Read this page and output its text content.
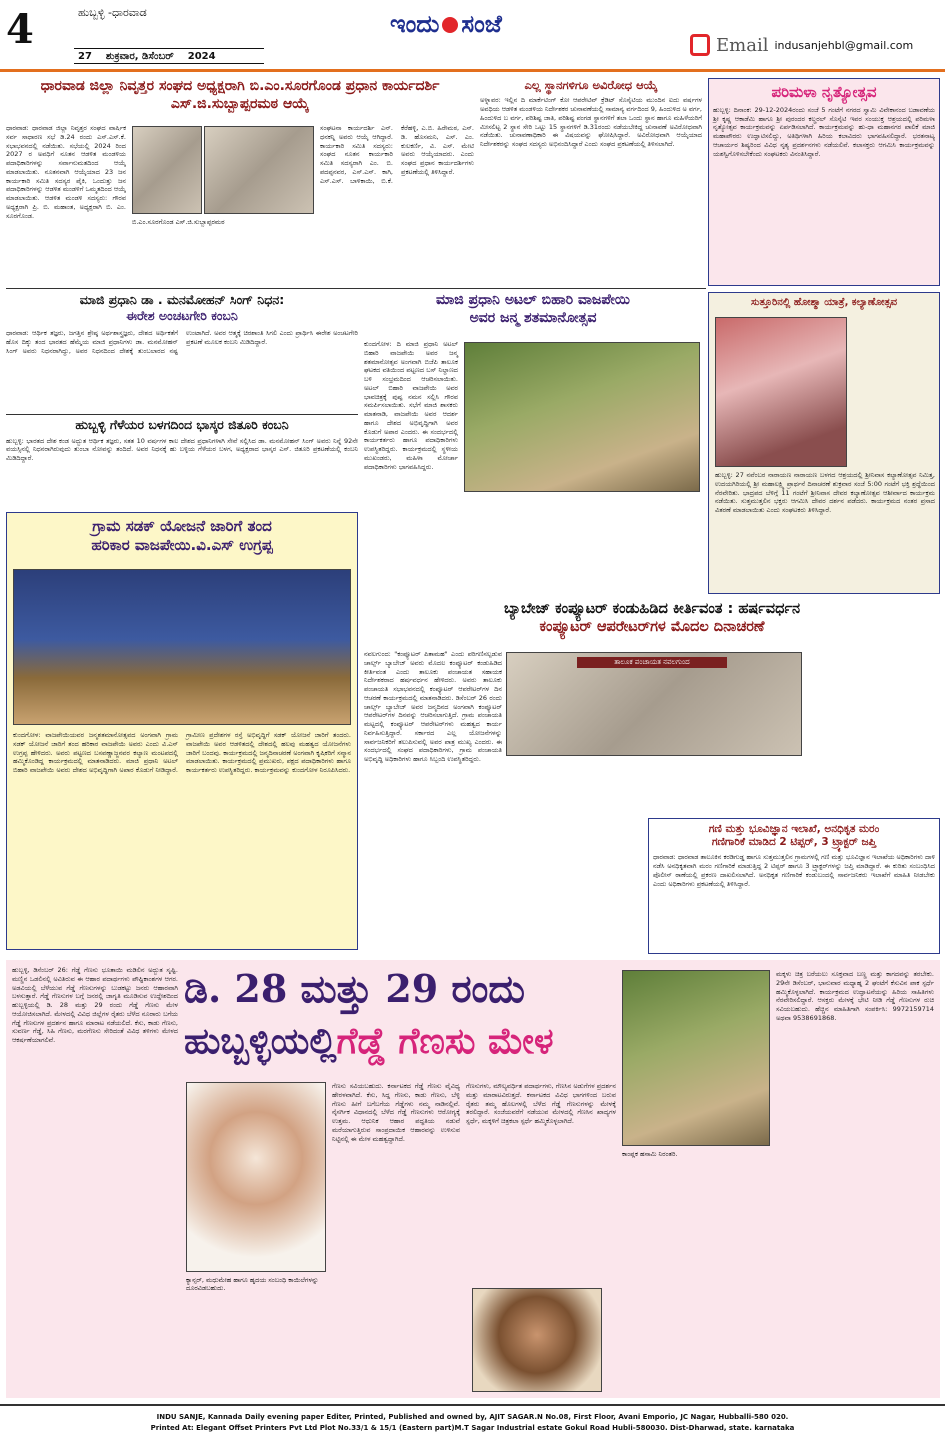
4	ಹುಬ್ಬಳ್ಳಿ -ಧಾರವಾಡ
27 ಶುಕ್ರವಾರ, ಡಿಸೆಂಬರ್ 2024
ಇಂದು ಸಂಜೆ
Email indusanjehbl@gmail.com
ಧಾರವಾಡ ಜಿಲ್ಲಾ ನಿವೃತ್ತರ ಸಂಘದ ಅಧ್ಯಕ್ಷರಾಗಿ ಬಿ.ಎಂ.ಸೂರಗೊಂಡ ಪ್ರಧಾನ ಕಾರ್ಯದರ್ಶಿ ಎಸ್.ಜಿ.ಸುಬ್ಬಾಪ್ಪರಮಠ ಆಯ್ಕೆ
ಧಾರವಾಡ: ಧಾರವಾಡ ಜಿಲ್ಲಾ ನಿವೃತ್ತರ ಸಂಘದ ವಾರ್ಷಿಕ ಸರ್ವ ಸಾಧಾರಣ ಸಭೆ ಡಿ.24 ರಂದು ಎಸ್.ಎಸ್.ಕೆ. ಸಭಾಭವನದಲ್ಲಿ ನಡೆಯಿತು. ಸಭೆಯಲ್ಲಿ 2024 ರಿಂದ 2027 ರ ಅವಧಿಗೆ ನೂತನ ಆಡಳಿತ ಮಂಡಳಿಯ ಪದಾಧಿಕಾರಿಗಳನ್ನು ಸರ್ವಾನುಮತದಿಂದ ಆಯ್ಕೆ ಮಾಡಲಾಯಿತು. ನೂತನವಾಗಿ ಆಯ್ಕೆಯಾದ 23 ಜನ ಕಾರ್ಯಕಾರಿ ಸಮಿತಿ ಸದಸ್ಯರ ಪೈಕಿ, ಒಂದುತ್ತು ಜನ ಪದಾಧಿಕಾರಿಗಳನ್ನು ಆಡಳಿತ ಮಂಡಳಿಗೆ ಒಮ್ಮತದಿಂದ ಆಯ್ಕೆ ಮಾಡಲಾಯಿತು. ಆಡಳಿತ ಮಂಡಳಿ ಸದಸ್ಯರು: ಗೌರವ ಅಧ್ಯಕ್ಷರಾಗಿ ಪ್ರಿ. ಬಿ. ಮಹಾಂತ, ಅಧ್ಯಕ್ಷರಾಗಿ ಬಿ. ಎಂ. ಸೂರಗೊಂಡ.
ಬಿ.ಎಂ.ಸೂರಗೊಂಡ ಎಸ್.ಜಿ.ಸುಬ್ಬಾಪ್ಪರಮಠ
ಸಂಘಟನಾ ಕಾರ್ಯದರ್ಶಿ ಎನ್. ಧನಕನ್ನಿ ಅವರು ಆಯ್ಕೆ ಆಗಿದ್ದಾರೆ. ಕಾರ್ಯಕಾರಿ ಸಮಿತಿ ಸದಸ್ಯರು: ಸಂಘದ ನೂತನ ಕಾರ್ಯಕಾರಿ ಸಮಿತಿ ಸದಸ್ಯರಾಗಿ ಎಂ. ಬಿ. ಪದಪ್ಪನವರ, ಎಸ್.ಎಸ್. ಕಾಗಿ, ಎಸ್.ಎಸ್. ಬಾಳಿಕಾಯಿ, ಬಿ.ಕೆ. ಕೆರೆಹಳ್ಳಿ, ಎ.ಬಿ. ಹಿರೇಮಠ, ಎಸ್. ಡಿ. ಹೊಸಮನಿ, ಎಸ್. ಎಂ. ಕುಲಕರ್ಣಿ, ವಿ. ಎಸ್. ಮೇಟಿ ಅವರು ಆಯ್ಕೆಯಾದರು. ಎಂದು ಸಂಘದ ಪ್ರಧಾನ ಕಾರ್ಯದರ್ಶಿಗಳು ಪ್ರಕಟಣೆಯಲ್ಲಿ ತಿಳಿಸಿದ್ದಾರೆ.
ಎಲ್ಲ ಸ್ಥಾನಗಳಿಗೂ ಅವಿರೋಧ ಆಯ್ಕೆ
ಅಳ್ನಾವರ: ಇಲ್ಲಿನ ದಿ ಮಾರ್ಕೆಟಿಂಗ್ ಕೋ ಆಪರೇಟಿವ್ ಕ್ರೆಡಿಟ್ ಸೊಸೈಟಿಯ ಮುಂದಿನ ಐದು ವರ್ಷಗಳ ಅವಧಿಯ ಆಡಳಿತ ಮಂಡಳಿಯ ನಿರ್ದೇಶಕರ ಚುನಾವಣೆಯಲ್ಲಿ ಸಾಮಾನ್ಯ ವರ್ಗದಿಂದ 9, ಹಿಂದುಳಿದ ಅ ವರ್ಗ, ಹಿಂದುಳಿದ ಬ ವರ್ಗ, ಪರಿಶಿಷ್ಟ ಜಾತಿ, ಪರಿಶಿಷ್ಟ ಪಂಗಡ ಸ್ಥಾನಗಳಿಗೆ ತಲಾ ಒಂದು ಸ್ಥಾನ ಹಾಗೂ ಮಹಿಳೆಯರಿಗೆ ಮೀಸಲಿಟ್ಟ 2 ಸ್ಥಾನ ಸೇರಿ ಒಟ್ಟು 15 ಸ್ಥಾನಗಳಿಗೆ ಡಿ.31ರಂದು ನಡೆಯಬೇಕಿದ್ದ ಚುನಾವಣೆ ಅವಿರೋಧವಾಗಿ ನಡೆಯಿತು. ಚುನಾವಣಾಧಿಕಾರಿ ಈ ವಿಷಯವನ್ನು ಘೋಷಿಸಿದ್ದಾರೆ. ಅವಿರೋಧವಾಗಿ ಆಯ್ಕೆಯಾದ ನಿರ್ದೇಶಕರನ್ನು ಸಂಘದ ಸದಸ್ಯರು ಅಭಿನಂದಿಸಿದ್ದಾರೆ ಎಂದು ಸಂಘದ ಪ್ರಕಟಣೆಯಲ್ಲಿ ತಿಳಿಸಲಾಗಿದೆ.
ಪರಿಮಳಾ ನೃತ್ಯೋತ್ಸವ
ಹುಬ್ಬಳ್ಳಿ: ದಿನಾಂಕ: 29-12-2024ರಂದು ಸಂಜೆ 5 ಗಂಟೆಗೆ ನಗರದ ಸ್ವಾಮಿ ವಿವೇಕಾನಂದ ಬಡಾವಣೆಯ ಶ್ರೀ ಕೃಷ್ಣ ಆಕಾಡೆಮಿ ಹಾಗೂ ಶ್ರೀ ಪುರಂದರ ಕಲ್ಚರಲ್ ಸೊಸೈಟಿ ಇವರ ಸಂಯುಕ್ತ ಆಶ್ರಯದಲ್ಲಿ ಪರಿಮಳಾ ನೃತ್ಯೋತ್ಸವ ಕಾರ್ಯಕ್ರಮವನ್ನು ಏರ್ಪಡಿಸಲಾಗಿದೆ. ಕಾರ್ಯಕ್ರಮವನ್ನು ಹು-ಧಾ ಮಹಾನಗರ ಪಾಲಿಕೆ ಮಾಜಿ ಮಹಾಪೌರರು ಉದ್ಘಾಟಿಸಲಿದ್ದು, ಅತಿಥಿಗಳಾಗಿ ಹಿರಿಯ ಕಲಾವಿದರು ಭಾಗವಹಿಸಲಿದ್ದಾರೆ. ಭರತನಾಟ್ಯ ಆಚಾರ್ಯರ ಶಿಷ್ಯರಿಂದ ವಿವಿಧ ನೃತ್ಯ ಪ್ರದರ್ಶನಗಳು ನಡೆಯಲಿವೆ. ಕಲಾಸಕ್ತರು ಆಗಮಿಸಿ ಕಾರ್ಯಕ್ರಮವನ್ನು ಯಶಸ್ವಿಗೊಳಿಸಬೇಕೆಂದು ಸಂಘಟಕರು ವಿನಂತಿಸಿದ್ದಾರೆ.
ಮಾಜಿ ಪ್ರಧಾನಿ ಡಾ . ಮನಮೋಹನ್ ಸಿಂಗ್ ನಿಧನ:
ಈರೇಶ ಅಂಚಟಗೇರಿ ಕಂಬನಿ
ಧಾರವಾಡ: ಆರ್ಥಿಕ ತಜ್ಞರು, ಜಗತ್ತಿನ ಶ್ರೇಷ್ಠ ಅರ್ಥಶಾಸ್ತ್ರಜ್ಞರು, ದೇಶದ ಅರ್ಥಿಕತೆಗೆ ಹೊಸ ದಿಕ್ಕು ತಂದ ಭಾರತದ ಹೆಮ್ಮೆಯ ಮಾಜಿ ಪ್ರಧಾನಿಗಳು ಡಾ. ಮನಮೋಹನ್ ಸಿಂಗ್ ಅವರು ನಿಧನರಾಗಿದ್ದು, ಅವರ ನಿಧನದಿಂದ ದೇಶಕ್ಕೆ ತುಂಬಲಾರದ ನಷ್ಟ ಉಂಟಾಗಿದೆ. ಅವರ ಆತ್ಮಕ್ಕೆ ಚಿರಶಾಂತಿ ಸಿಗಲಿ ಎಂದು ಪ್ರಾರ್ಥಿಸಿ ಈರೇಶ ಅಂಚಟಗೇರಿ ಪ್ರಕಟಣೆ ಮೂಲಕ ಕಂಬನಿ ಮಿಡಿದಿದ್ದಾರೆ.
ಹುಬ್ಬಳ್ಳಿ ಗೆಳೆಯರ ಬಳಗದಿಂದ ಭಾಸ್ಕರ ಜಿತೂರಿ ಕಂಬನಿ
ಹುಬ್ಬಳ್ಳಿ: ಭಾರತದ ದೇಶ ಕಂಡ ಅದ್ಭುತ ಆರ್ಥಿಕ ತಜ್ಞರು, ಸತತ 10 ವರ್ಷಗಳ ಕಾಲ ದೇಶದ ಪ್ರಧಾನಿಗಳಾಗಿ ಸೇವೆ ಸಲ್ಲಿಸಿದ ಡಾ. ಮನಮೋಹನ್ ಸಿಂಗ್ ಅವರು ನಿನ್ನೆ 92ನೇ ವಯಸ್ಸಿನಲ್ಲಿ ನಿಧನರಾಗಿರುವುದು ತುಂಬಾ ನೋವನ್ನು ತಂದಿದೆ. ಅವರ ನಿಧನಕ್ಕೆ ಹು ಬಳ್ಳಿಯ ಗೆಳೆಯರ ಬಳಗ, ಅಧ್ಯಕ್ಷರಾದ ಭಾಸ್ಕರ ಎಸ್. ಜಿತೂರಿ ಪ್ರಕಟಣೆಯಲ್ಲಿ ಕಂಬನಿ ಮಿಡಿದಿದ್ದಾರೆ.
ಮಾಜಿ ಪ್ರಧಾನಿ ಅಟಲ್ ಬಿಹಾರಿ ವಾಜಪೇಯಿ
ಅವರ ಜನ್ಮ ಶತಮಾನೋತ್ಸವ
ಕುಂದಗೋಳ: ದಿ ಮಾಜಿ ಪ್ರಧಾನಿ ಅಟಲ್ ಬಿಹಾರಿ ವಾಜಪೇಯಿ ಅವರ ಜನ್ಮ ಶತಮಾನೋತ್ಸವ ಅಂಗವಾಗಿ ಬಿಜೆಪಿ ತಾಲೂಕ ಘಟಕದ ವತಿಯಿಂದ ಪಟ್ಟಣದ ಬಸ್ ನಿಲ್ದಾಣದ ಬಳಿ ಸಂಭ್ರಮದಿಂದ ಆಚರಿಸಲಾಯಿತು. ಅಟಲ್ ಬಿಹಾರಿ ವಾಜಪೇಯಿ ಅವರ ಭಾವಚಿತ್ರಕ್ಕೆ ಪುಷ್ಪ ನಮನ ಸಲ್ಲಿಸಿ ಗೌರವ ಸಮರ್ಪಿಸಲಾಯಿತು. ಸಭೆಗೆ ಮಾಜಿ ಶಾಸಕರು ಮಾತನಾಡಿ, ವಾಜಪೇಯಿ ಅವರ ಆದರ್ಶ ಹಾಗೂ ದೇಶದ ಅಭಿವೃದ್ಧಿಗಾಗಿ ಅವರ ಕೊಡುಗೆ ಅಪಾರ ಎಂದರು. ಈ ಸಂದರ್ಭದಲ್ಲಿ ಕಾರ್ಯಕರ್ತರು ಹಾಗೂ ಪದಾಧಿಕಾರಿಗಳು ಉಪಸ್ಥಿತರಿದ್ದರು. ಕಾರ್ಯಕ್ರಮದಲ್ಲಿ ಸ್ಥಳೀಯ ಮುಖಂಡರು, ಮಹಿಳಾ ಮೋರ್ಚಾ ಪದಾಧಿಕಾರಿಗಳು ಭಾಗವಹಿಸಿದ್ದರು.
ಸುತ್ತೂರಿನಲ್ಲಿ ಹೋಶ್ಮಾ ಯಾತ್ರೆ, ಕಲ್ಯಾಣೋತ್ಸವ
ಹುಬ್ಬಳ್ಳಿ: 27 ನವೆಂಬರ ನಾರಾಯಣ ನಾರಾಯಣ ಬಳಗದ ಆಶ್ರಯದಲ್ಲಿ ಶ್ರೀನಿವಾಸ ಕಲ್ಯಾಣೋತ್ಸವ ನಿಮಿತ್ತ, ಉದಯಗಿರಿಯಲ್ಲಿ ಶ್ರೀ ಮಹಾಲಕ್ಷ್ಮಿ ಪ್ರಾರ್ಥನೆ ದಿನಾಚರಣೆ ಶುಕ್ರವಾರ ಸಂಜೆ 5:00 ಗಂಟೆಗೆ ಭಕ್ತಿ ಶ್ರದ್ಧೆಯಿಂದ ನೆರವೇರಿತು. ಭಾದ್ರಪದ ಬೆಳಿಗ್ಗೆ 11 ಗಂಟೆಗೆ ಶ್ರೀನಿವಾಸ ದೇವರ ಕಲ್ಯಾಣೋತ್ಸವ ಆಶೀರ್ವಾದ ಕಾರ್ಯಕ್ರಮ ನಡೆಯಿತು. ಸುತ್ತಮುತ್ತಲಿನ ಭಕ್ತರು ಆಗಮಿಸಿ ದೇವರ ದರ್ಶನ ಪಡೆದರು. ಕಾರ್ಯಕ್ರಮದ ನಂತರ ಪ್ರಸಾದ ವಿತರಣೆ ಮಾಡಲಾಯಿತು ಎಂದು ಸಂಘಟಕರು ತಿಳಿಸಿದ್ದಾರೆ.
ಗ್ರಾಮ ಸಡಕ್ ಯೋಜನೆ ಜಾರಿಗೆ ತಂದ
ಹರಿಕಾರ ವಾಜಪೇಯಿ.ವಿ.ಎಸ್ ಉಗ್ರಪ್ಪ
ಕುಂದಗೋಳ: ವಾಜಪೇಯಿಯವರ ಜನ್ಮಶತಮಾನೋತ್ಸವದ ಅಂಗವಾಗಿ ಗ್ರಾಮ ಸಡಕ್ ಯೋಜನೆ ಜಾರಿಗೆ ತಂದ ಹರಿಕಾರ ವಾಜಪೇಯಿ ಅವರು ಎಂದು ವಿ.ಎಸ್ ಉಗ್ರಪ್ಪ ಹೇಳಿದರು. ಅವರು ಪಟ್ಟಣದ ಬಸವಣ್ಣಾಜ್ಜನವರ ಕಲ್ಯಾಣ ಮಂಟಪದಲ್ಲಿ ಹಮ್ಮಿಕೊಂಡಿದ್ದ ಕಾರ್ಯಕ್ರಮದಲ್ಲಿ ಮಾತನಾಡಿದರು. ಮಾಜಿ ಪ್ರಧಾನಿ ಅಟಲ್ ಬಿಹಾರಿ ವಾಜಪೇಯಿ ಅವರು ದೇಶದ ಅಭಿವೃದ್ಧಿಗಾಗಿ ಅಪಾರ ಕೊಡುಗೆ ನೀಡಿದ್ದಾರೆ. ಗ್ರಾಮೀಣ ಪ್ರದೇಶಗಳ ರಸ್ತೆ ಅಭಿವೃದ್ಧಿಗೆ ಸಡಕ್ ಯೋಜನೆ ಜಾರಿಗೆ ತಂದರು. ವಾಜಪೇಯಿ ಅವರ ಆಡಳಿತದಲ್ಲಿ ದೇಶದಲ್ಲಿ ಹಲವು ಮಹತ್ವದ ಯೋಜನೆಗಳು ಜಾರಿಗೆ ಬಂದವು. ಕಾರ್ಯಕ್ರಮದಲ್ಲಿ ಜನ್ಮದಿನಾಚರಣೆ ಅಂಗವಾಗಿ ಕೃಷಿಕರಿಗೆ ಸನ್ಮಾನ ಮಾಡಲಾಯಿತು. ಕಾರ್ಯಕ್ರಮದಲ್ಲಿ ಪ್ರಮುಖರು, ಪಕ್ಷದ ಪದಾಧಿಕಾರಿಗಳು ಹಾಗೂ ಕಾರ್ಯಕರ್ತರು ಉಪಸ್ಥಿತರಿದ್ದರು. ಕಾರ್ಯಕ್ರಮವನ್ನು ಕುಂದಗೋಳ ನಿರೂಪಿಸಿದರು.
ಬ್ಯಾಬೇಜ್ ಕಂಪ್ಯೂಟರ್ ಕಂಡುಹಿಡಿದ ಕೀರ್ತಿವಂತ : ಹರ್ಷವರ್ಧನ
ಕಂಪ್ಯೂಟರ್ ಆಪರೇಟರ್‌ಗಳ ಮೊದಲ ದಿನಾಚರಣೆ
ನವಲಗುಂದ: "ಕಂಪ್ಯೂಟರ್ ಪಿತಾಮಹ" ಎಂದು ಪರಿಗಣಿಸಲ್ಪಡುವ ಚಾರ್ಲ್ಸ್ ಬ್ಯಾಬೇಜ್ ಅವರು ಮೊದಲ ಕಂಪ್ಯೂಟರ್ ಕಂಡುಹಿಡಿದ ಕೀರ್ತಿವಂತ ಎಂದು ತಾಲೂಕು ಪಂಚಾಯತ ಸಹಾಯಕ ನಿರ್ದೇಶಕರಾದ ಹರ್ಷವರ್ಧನ ಹೇಳಿದರು. ಅವರು ತಾಲೂಕು ಪಂಚಾಯತಿ ಸಭಾಭವನದಲ್ಲಿ ಕಂಪ್ಯೂಟರ್ ಆಪರೇಟರ್‌ಗಳ ದಿನ ಆಚರಣೆ ಕಾರ್ಯಕ್ರಮದಲ್ಲಿ ಮಾತನಾಡಿದರು. ಡಿಸೆಂಬರ್ 26 ರಂದು ಚಾರ್ಲ್ಸ್ ಬ್ಯಾಬೇಜ್ ಅವರ ಜನ್ಮದಿನದ ಅಂಗವಾಗಿ ಕಂಪ್ಯೂಟರ್ ಆಪರೇಟರ್‌ಗಳ ದಿನವನ್ನು ಆಚರಿಸಲಾಗುತ್ತಿದೆ. ಗ್ರಾಮ ಪಂಚಾಯತಿ ಮಟ್ಟದಲ್ಲಿ ಕಂಪ್ಯೂಟರ್ ಆಪರೇಟರ್‌ಗಳು ಮಹತ್ವದ ಕಾರ್ಯ ನಿರ್ವಹಿಸುತ್ತಿದ್ದಾರೆ. ಸರ್ಕಾರದ ಎಲ್ಲ ಯೋಜನೆಗಳನ್ನು ಸಾರ್ವಜನಿಕರಿಗೆ ತಲುಪಿಸುವಲ್ಲಿ ಅವರ ಪಾತ್ರ ಮುಖ್ಯ ಎಂದರು. ಈ ಸಂದರ್ಭದಲ್ಲಿ ಸಂಘದ ಪದಾಧಿಕಾರಿಗಳು, ಗ್ರಾಮ ಪಂಚಾಯತಿ ಅಭಿವೃದ್ಧಿ ಅಧಿಕಾರಿಗಳು ಹಾಗೂ ಸಿಬ್ಬಂದಿ ಉಪಸ್ಥಿತರಿದ್ದರು.
ತಾಲೂಕ ಪಂಚಾಯತ ನವಲಗುಂದ
ಗಣಿ ಮತ್ತು ಭೂವಿಜ್ಞಾನ ಇಲಾಖೆ, ಅನಧಿಕೃತ ಮರಂ
ಗಣಿಗಾರಿಕೆ ಮಾಡಿದ 2 ಟಿಪ್ಪರ್, 3 ಟ್ರ್ಯಾಕ್ಟರ್ ಜಪ್ತಿ
ಧಾರವಾಡ: ಧಾರವಾಡ ತಾಲೂಕಿನ ಕರಡಿಗುಡ್ಡ ಹಾಗೂ ಸುತ್ತಮುತ್ತಲಿನ ಗ್ರಾಮಗಳಲ್ಲಿ ಗಣಿ ಮತ್ತು ಭೂವಿಜ್ಞಾನ ಇಲಾಖೆಯ ಅಧಿಕಾರಿಗಳು ದಾಳಿ ನಡೆಸಿ ಅನಧಿಕೃತವಾಗಿ ಮರಂ ಗಣಿಗಾರಿಕೆ ಮಾಡುತ್ತಿದ್ದ 2 ಟಿಪ್ಪರ್ ಹಾಗೂ 3 ಟ್ರ್ಯಾಕ್ಟರ್‌ಗಳನ್ನು ಜಪ್ತಿ ಮಾಡಿದ್ದಾರೆ. ಈ ಕುರಿತು ಸಂಬಂಧಿಸಿದ ಪೊಲೀಸ್ ಠಾಣೆಯಲ್ಲಿ ಪ್ರಕರಣ ದಾಖಲಿಸಲಾಗಿದೆ. ಅನಧಿಕೃತ ಗಣಿಗಾರಿಕೆ ಕಂಡುಬಂದಲ್ಲಿ ಸಾರ್ವಜನಿಕರು ಇಲಾಖೆಗೆ ಮಾಹಿತಿ ನೀಡಬೇಕು ಎಂದು ಅಧಿಕಾರಿಗಳು ಪ್ರಕಟಣೆಯಲ್ಲಿ ತಿಳಿಸಿದ್ದಾರೆ.
ಹುಬ್ಬಳ್ಳಿ, ಡಿಸೆಂಬರ್ 26: ಗೆಡ್ಡೆ ಗೆಣಸು ಭೂತಾಯಿ ಮಡಿಲಿನ ಅದ್ಭುತ ಸೃಷ್ಟಿ. ಮಣ್ಣಿನ ಒಡಲಿನಲ್ಲಿ ಅವಿತಿರುವ ಈ ಆಹಾರ ಪದಾರ್ಥಗಳು ಪೌಷ್ಟಿಕಾಂಶಗಳ ಆಗರ. ಅಡವಿಯಲ್ಲಿ ಬೆಳೆಯುವ ಗೆಡ್ಡೆ ಗೆಣಸುಗಳನ್ನು ಬುಡಕಟ್ಟು ಜನರು ಆಹಾರವಾಗಿ ಬಳಸುತ್ತಾರೆ. ಗೆಡ್ಡೆ ಗೆಣಸುಗಳ ಬಗ್ಗೆ ಜನರಲ್ಲಿ ಜಾಗೃತಿ ಮೂಡಿಸುವ ಉದ್ದೇಶದಿಂದ ಹುಬ್ಬಳ್ಳಿಯಲ್ಲಿ ಡಿ. 28 ಮತ್ತು 29 ರಂದು ಗೆಡ್ಡೆ ಗೆಣಸು ಮೇಳ ಆಯೋಜಿಸಲಾಗಿದೆ. ಮೇಳದಲ್ಲಿ ವಿವಿಧ ಜಿಲ್ಲೆಗಳ ರೈತರು ಬೆಳೆದ ನೂರಾರು ಬಗೆಯ ಗೆಡ್ಡೆ ಗೆಣಸುಗಳ ಪ್ರದರ್ಶನ ಹಾಗೂ ಮಾರಾಟ ನಡೆಯಲಿದೆ. ಕೆಸು, ಕಾಡು ಗೆಣಸು, ಸುವರ್ಣ ಗೆಡ್ಡೆ, ಸಿಹಿ ಗೆಣಸು, ಮರಗೆಣಸು ಸೇರಿದಂತೆ ವಿವಿಧ ತಳಿಗಳು ಮೇಳದ ಆಕರ್ಷಣೆಯಾಗಲಿವೆ.
ಡಿ. 28 ಮತ್ತು 29 ರಂದು
ಹುಬ್ಬಳ್ಳಿಯಲ್ಲಿಗೆಡ್ಡೆ ಗೆಣಸು ಮೇಳ
ಕ್ಯಾನ್ಸರ್, ಮಧುಮೇಹ ಹಾಗೂ ಹೃದಯ ಸಂಬಂಧಿ ಕಾಯಿಲೆಗಳನ್ನು ದೂರವಿಡಬಹುದು.
ಗೆಣಸು ಸವಿಯಬಹುದು. ಕರ್ನಾಟಕದ ಗೆಡ್ಡೆ ಗೆಣಸು ವೈವಿಧ್ಯ ಹೇರಳವಾಗಿದೆ. ಕೆಸು, ಸಿದ್ದ ಗೆಣಸು, ಕಾಡು ಗೆಣಸು, ಬೆಳ್ಳಿ ಗೆಣಸು ಹೀಗೆ ಬಗೆಬಗೆಯ ಗೆಡ್ಡೆಗಳು ನಮ್ಮ ನಾಡಿನಲ್ಲಿವೆ. ನೈಸರ್ಗಿಕ ವಿಧಾನದಲ್ಲಿ ಬೆಳೆದ ಗೆಡ್ಡೆ ಗೆಣಸುಗಳು ಆರೋಗ್ಯಕ್ಕೆ ಉತ್ತಮ. ಆಧುನಿಕ ಆಹಾರ ಪದ್ಧತಿಯ ನಡುವೆ ಮರೆಯಾಗುತ್ತಿರುವ ಸಾಂಪ್ರದಾಯಿಕ ಆಹಾರವನ್ನು ಉಳಿಸುವ ನಿಟ್ಟಿನಲ್ಲಿ ಈ ಮೇಳ ಮಹತ್ವದ್ದಾಗಿದೆ.
ಗೆಣಸುಗಳು, ಮೌಲ್ಯವರ್ಧಿತ ಪದಾರ್ಥಗಳು, ಗೆಣಸಿನ ಅಡುಗೆಗಳ ಪ್ರದರ್ಶನ ಮತ್ತು ಮಾರಾಟವಿರುತ್ತದೆ. ಕರ್ನಾಟಕದ ವಿವಿಧ ಭಾಗಗಳಿಂದ ಬರುವ ರೈತರು ತಮ್ಮ ಹೊಲಗಳಲ್ಲಿ ಬೆಳೆದ ಗೆಡ್ಡೆ ಗೆಣಸುಗಳನ್ನು ಮೇಳಕ್ಕೆ ತರಲಿದ್ದಾರೆ. ಸಂಜೆಯವರೆಗೆ ನಡೆಯುವ ಮೇಳದಲ್ಲಿ ಗೆಣಸಿನ ಖಾದ್ಯಗಳ ಸ್ಪರ್ಧೆ, ಮಕ್ಕಳಿಗೆ ಚಿತ್ರಕಲಾ ಸ್ಪರ್ಧೆ ಹಮ್ಮಿಕೊಳ್ಳಲಾಗಿದೆ.
ಕಾಂಪ್ಲಕ ಹಸಾಮಿ ನಿರಂತರಿ.
ಮಕ್ಕಳು ಚಿತ್ರ ಬರೆಯಲು ಸೂಕ್ತವಾದ ಬಣ್ಣ ಮತ್ತು ಕಾಗದವನ್ನು ತರಬೇಕು. 29ನೇ ಡಿಸೆಂಬರ್, ಭಾನುವಾರ ಮಧ್ಯಾಹ್ನ 2 ಘಂಟೆಗೆ ಕೆಸುವಿನ ಪಾಕ ಸ್ಪರ್ಧೆ ಹಮ್ಮಿಕೊಳ್ಳಲಾಗಿದೆ. ಕಾರ್ಯಕ್ರಮದ ಉದ್ಘಾಟನೆಯನ್ನು ಹಿರಿಯ ಸಾಹಿತಿಗಳು ನೆರವೇರಿಸಲಿದ್ದಾರೆ. ಆಸಕ್ತರು ಮೇಳಕ್ಕೆ ಭೇಟಿ ನೀಡಿ ಗೆಡ್ಡೆ ಗೆಣಸುಗಳ ರುಚಿ ಸವಿಯಬಹುದು. ಹೆಚ್ಚಿನ ಮಾಹಿತಿಗಾಗಿ ಸಂಪರ್ಕಿಸಿ: 9972159714 ಅಥವಾ 9538691868.
INDU SANJE, Kannada Daily evening paper Editer, Printed, Published and owned by, AJIT SAGAR.N No.08, First Floor, Avani Emporio, JC Nagar, Hubballi-580 020.
Printed At: Elegant Offset Printers Pvt Ltd Plot No.33/1 & 15/1 (Eastern part)M.T Sagar Industrial estate Gokul Road Hubli-580030. Dist-Dharwad, state. karnataka
